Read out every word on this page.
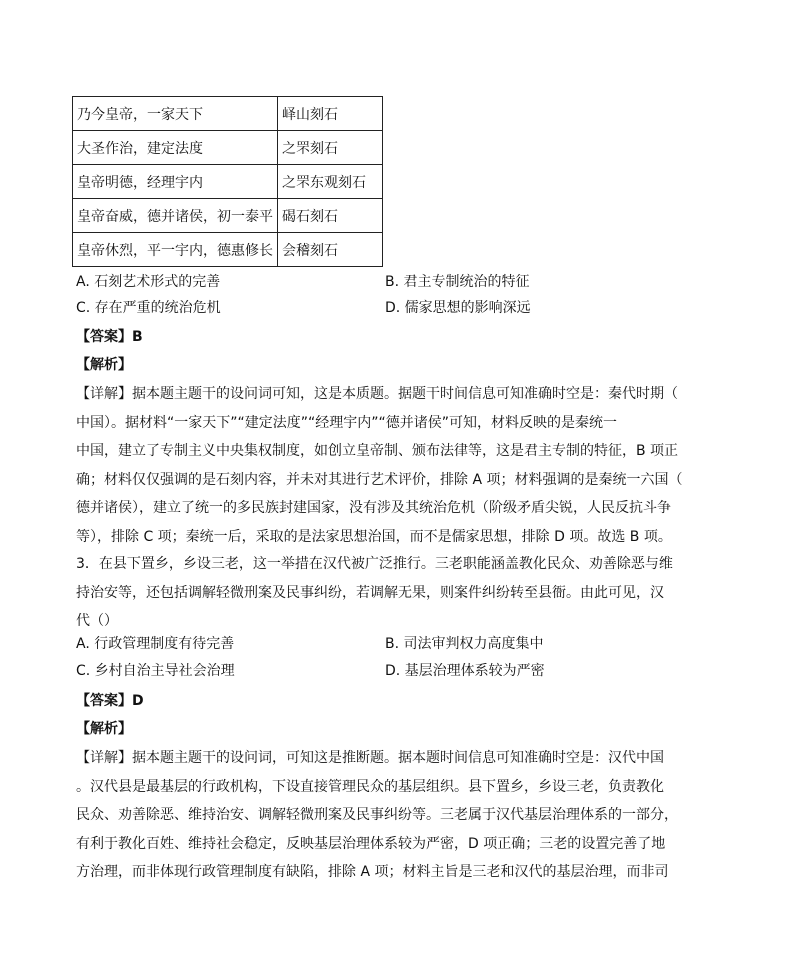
乃今皇帝，一家天下	峄山刻石
大圣作治，建定法度	之罘刻石
皇帝明德，经理宇内	之罘东观刻石
皇帝奋威，德并诸侯，初一泰平	碣石刻石
皇帝休烈，平一宇内，德惠修长	会稽刻石
A. 石刻艺术形式的完善	B. 君主专制统治的特征
C. 存在严重的统治危机	D. 儒家思想的影响深远
【答案】B
【解析】
【详解】据本题主题干的设问词可知，这是本质题。据题干时间信息可知准确时空是：秦代时期（
中国）。据材料“一家天下”“建定法度”“经理宇内”“德并诸侯”可知，材料反映的是秦统一
中国，建立了专制主义中央集权制度，如创立皇帝制、颁布法律等，这是君主专制的特征，B 项正
确；材料仅仅强调的是石刻内容，并未对其进行艺术评价，排除 A 项；材料强调的是秦统一六国（
德并诸侯），建立了统一的多民族封建国家，没有涉及其统治危机（阶级矛盾尖锐，人民反抗斗争
等），排除 C 项；秦统一后，采取的是法家思想治国，而不是儒家思想，排除 D 项。故选 B 项。
3．在县下置乡，乡设三老，这一举措在汉代被广泛推行。三老职能涵盖教化民众、劝善除恶与维
持治安等，还包括调解轻微刑案及民事纠纷，若调解无果，则案件纠纷转至县衙。由此可见，汉
代（）
A. 行政管理制度有待完善	B. 司法审判权力高度集中
C. 乡村自治主导社会治理	D. 基层治理体系较为严密
【答案】D
【解析】
【详解】据本题主题干的设问词，可知这是推断题。据本题时间信息可知准确时空是：汉代中国
。汉代县是最基层的行政机构，下设直接管理民众的基层组织。县下置乡，乡设三老，负责教化
民众、劝善除恶、维持治安、调解轻微刑案及民事纠纷等。三老属于汉代基层治理体系的一部分，
有利于教化百姓、维持社会稳定，反映基层治理体系较为严密，D 项正确；三老的设置完善了地
方治理，而非体现行政管理制度有缺陷，排除 A 项；材料主旨是三老和汉代的基层治理，而非司
